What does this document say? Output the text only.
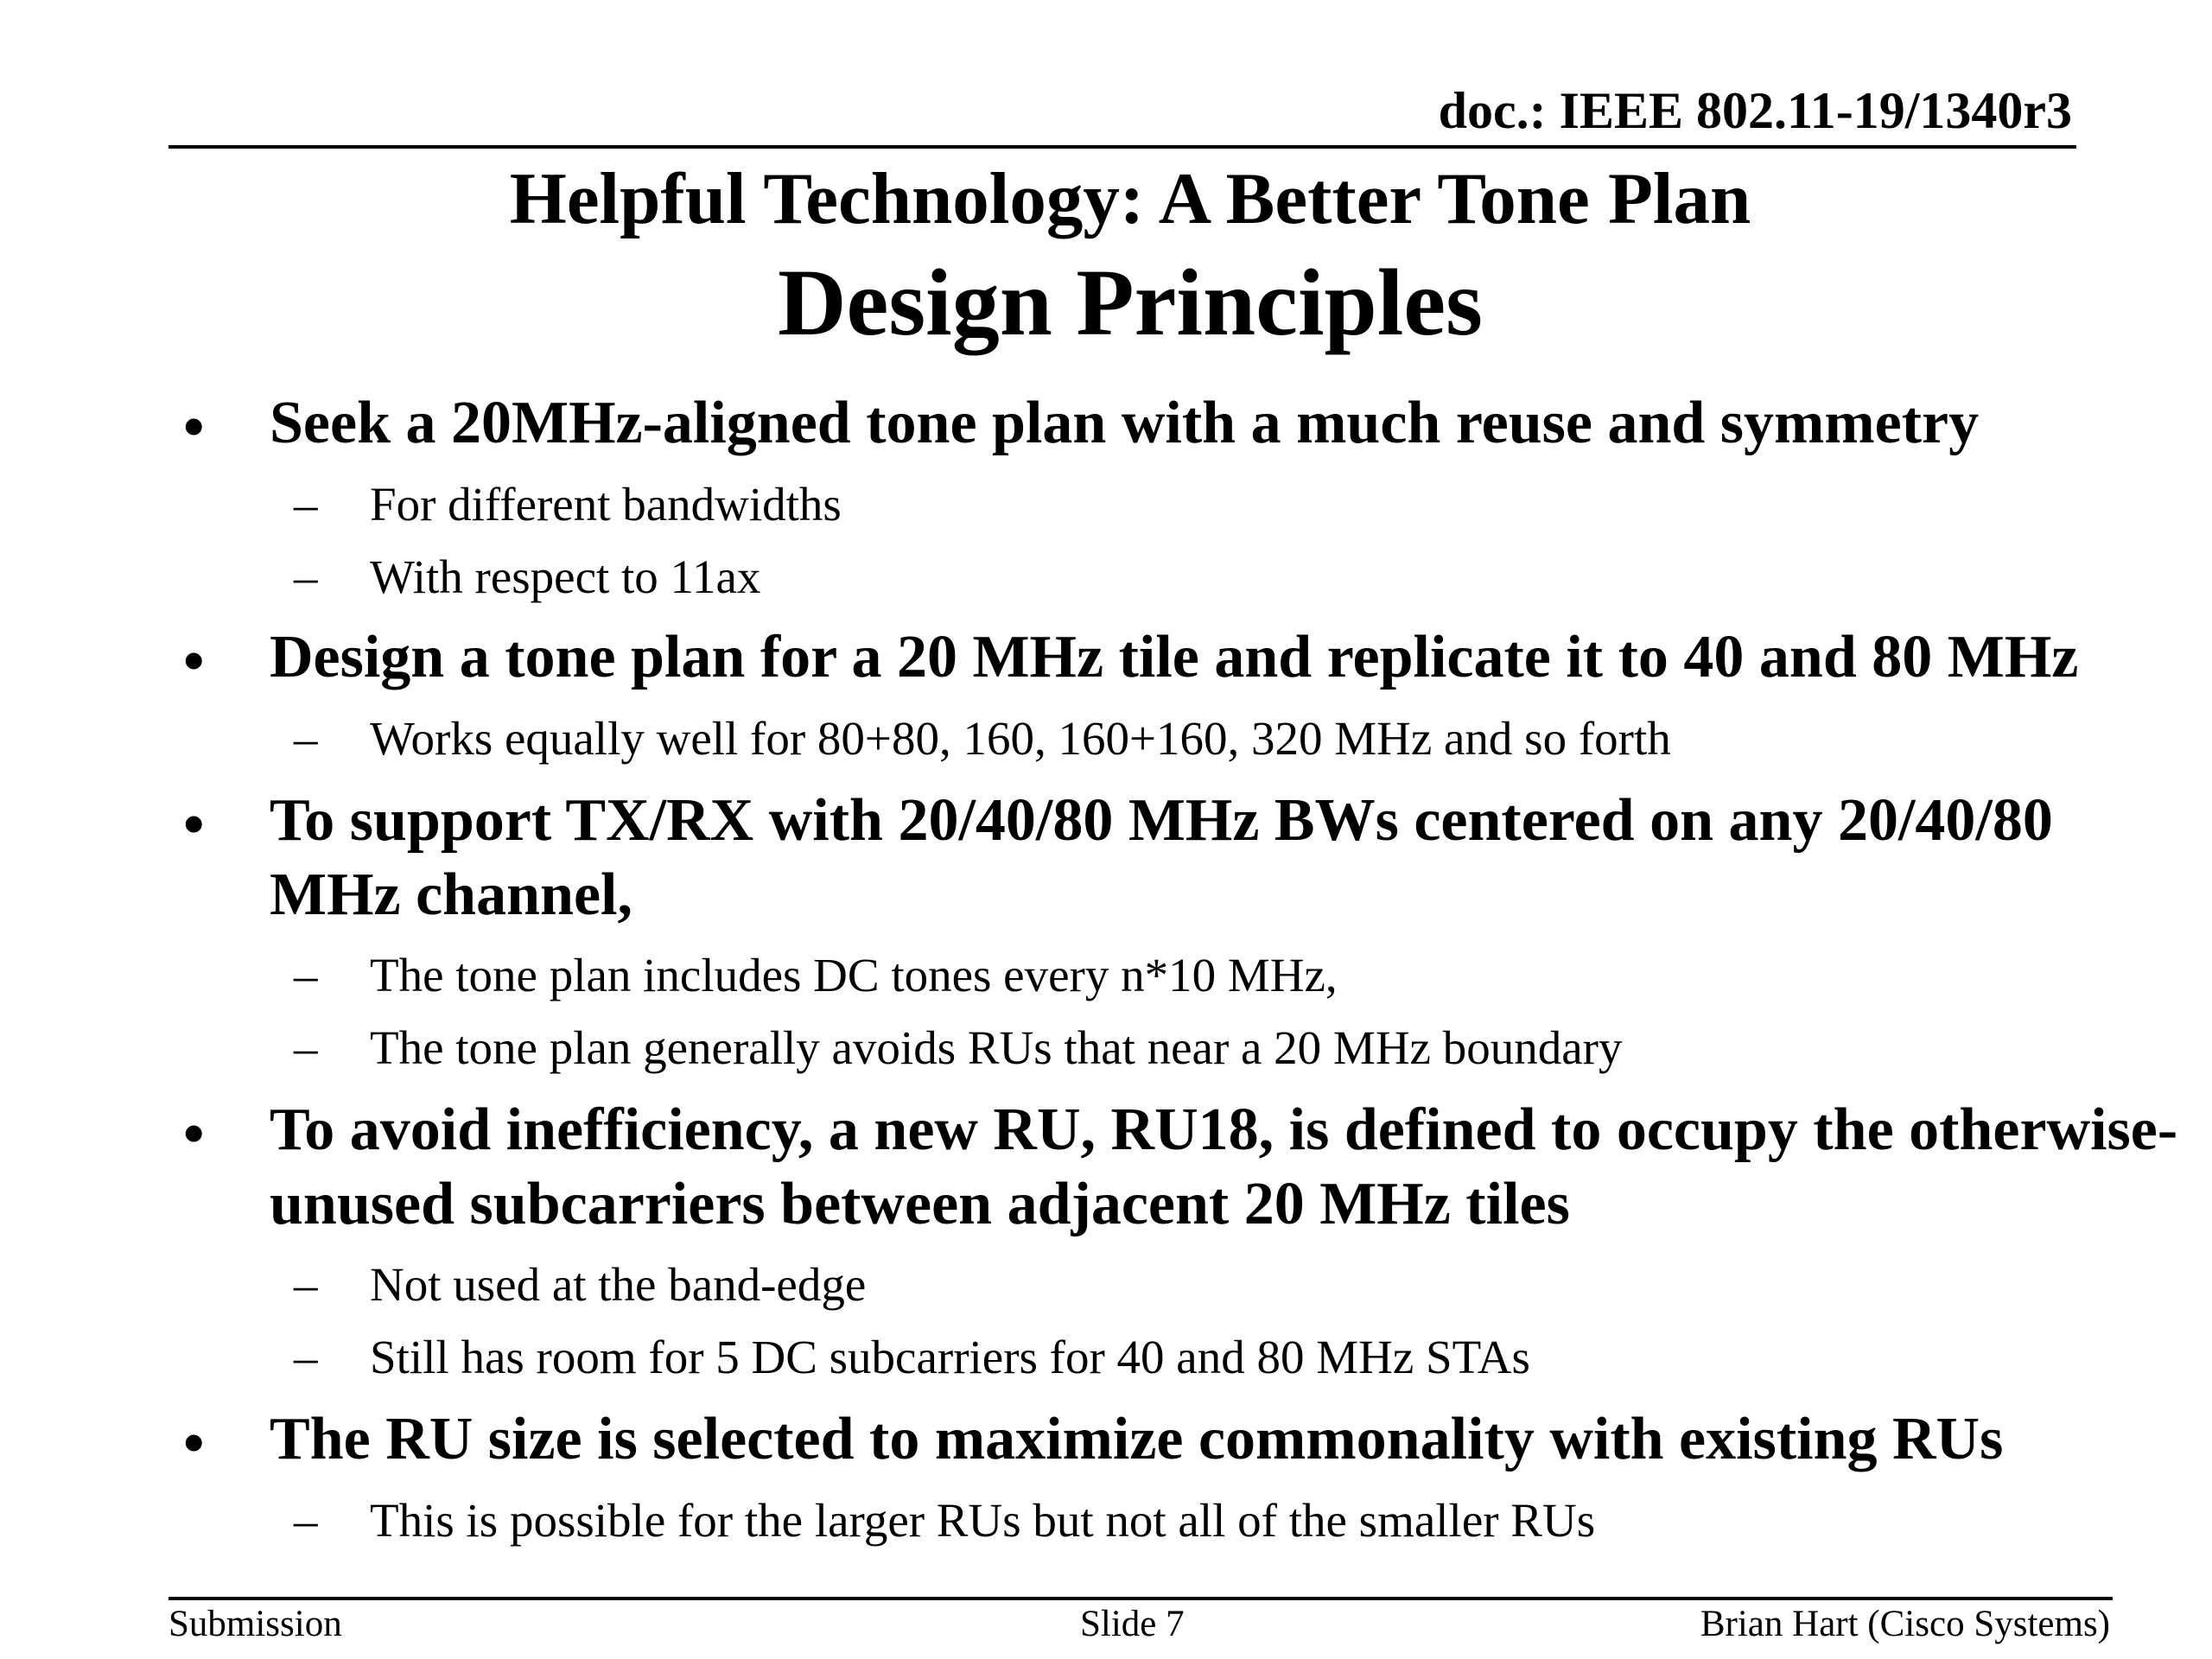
doc.: IEEE 802.11-19/1340r3
Helpful Technology: A Better Tone Plan
Design Principles
• Seek a 20MHz-aligned tone plan with a much reuse and symmetry
– For different bandwidths
– With respect to 11ax
• Design a tone plan for a 20 MHz tile and replicate it to 40 and 80 MHz
– Works equally well for 80+80, 160, 160+160, 320 MHz and so forth
• To support TX/RX with 20/40/80 MHz BWs centered on any 20/40/80 MHz channel,
– The tone plan includes DC tones every n*10 MHz,
– The tone plan generally avoids RUs that near a 20 MHz boundary
• To avoid inefficiency, a new RU, RU18, is defined to occupy the otherwise-unused subcarriers between adjacent 20 MHz tiles
– Not used at the band-edge
– Still has room for 5 DC subcarriers for 40 and 80 MHz STAs
• The RU size is selected to maximize commonality with existing RUs
– This is possible for the larger RUs but not all of the smaller RUs
Submission	Slide 7	Brian Hart (Cisco Systems)
